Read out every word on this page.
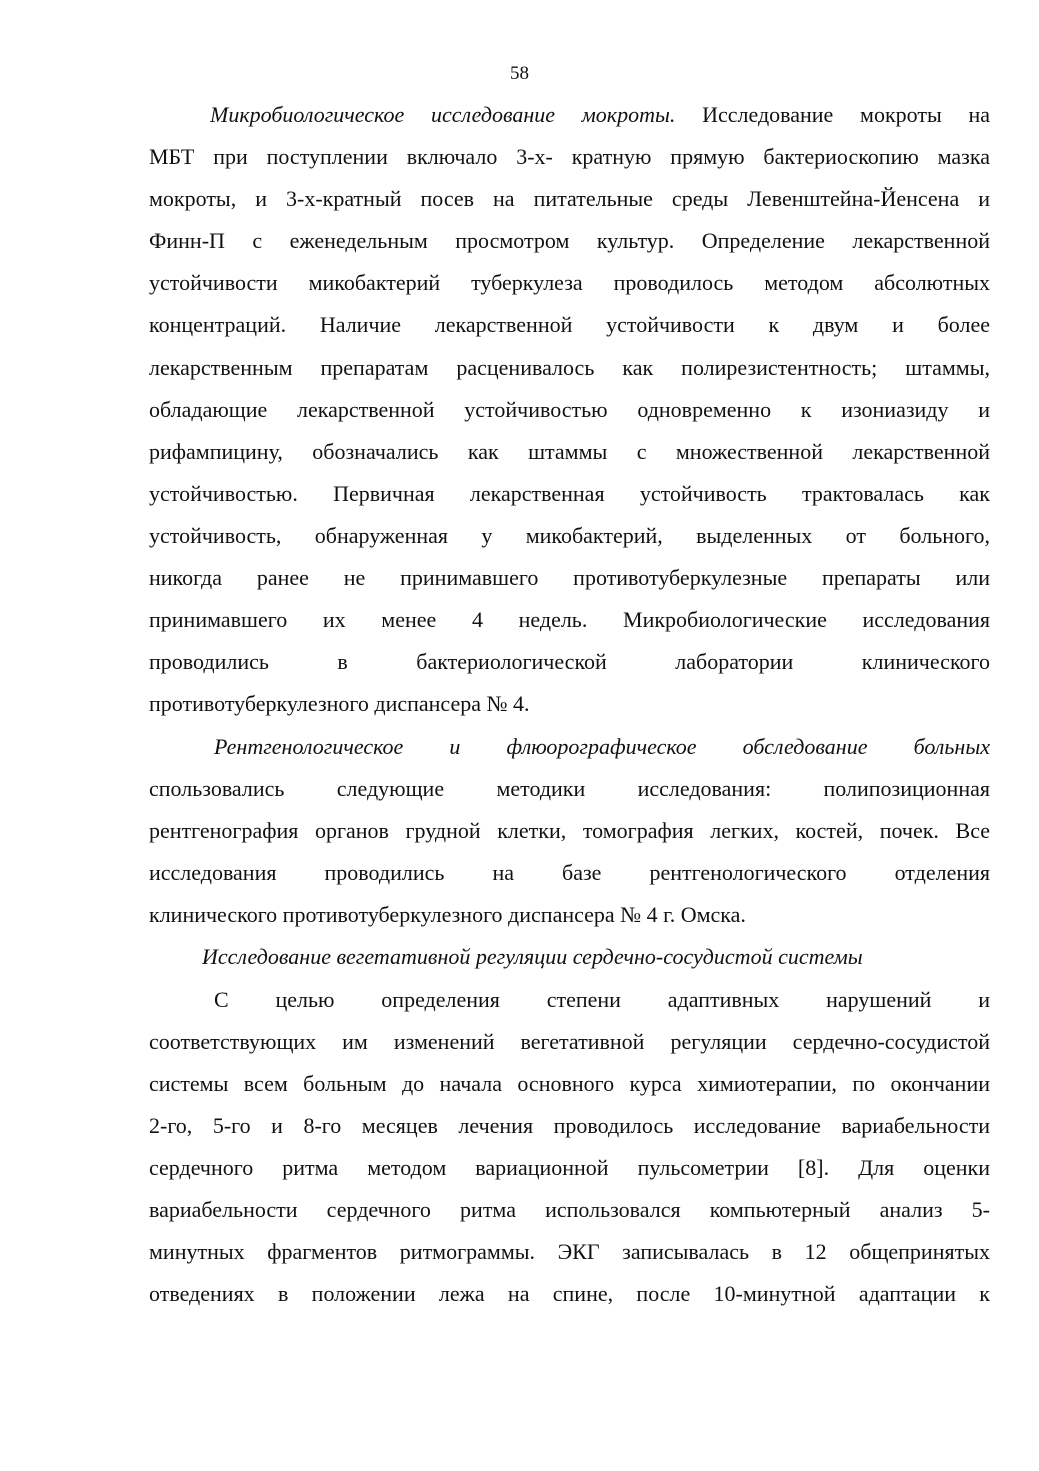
58
Микробиологическое исследование мокроты. Исследование мокроты на
МБТ при поступлении включало 3-х- кратную прямую бактериоскопию мазка
мокроты, и 3-х-кратный посев на питательные среды Левенштейна-Йенсена и
Финн-П с еженедельным просмотром культур. Определение лекарственной
устойчивости микобактерий туберкулеза проводилось методом абсолютных
концентраций. Наличие лекарственной устойчивости к двум и более
лекарственным препаратам расценивалось как полирезистентность; штаммы,
обладающие лекарственной устойчивостью одновременно к изониазиду и
рифампицину, обозначались как штаммы с множественной лекарственной
устойчивостью. Первичная лекарственная устойчивость трактовалась как
устойчивость, обнаруженная у микобактерий, выделенных от больного,
никогда ранее не принимавшего противотуберкулезные препараты или
принимавшего их менее 4 недель. Микробиологические исследования
проводились в бактериологической лаборатории клинического
противотуберкулезного диспансера № 4.
Рентгенологическое и флюорографическое обследование больных
спользовались следующие методики исследования: полипозиционная
рентгенография органов грудной клетки, томография легких, костей, почек. Все
исследования проводились на базе рентгенологического отделения
клинического противотуберкулезного диспансера № 4 г. Омска.
Исследование вегетативной регуляции сердечно-сосудистой системы
С целью определения степени адаптивных нарушений и
соответствующих им изменений вегетативной регуляции сердечно-сосудистой
системы всем больным до начала основного курса химиотерапии, по окончании
2-го, 5-го и 8-го месяцев лечения проводилось исследование вариабельности
сердечного ритма методом вариационной пульсометрии [8]. Для оценки
вариабельности сердечного ритма использовался компьютерный анализ 5-
минутных фрагментов ритмограммы. ЭКГ записывалась в 12 общепринятых
отведениях в положении лежа на спине, после 10-минутной адаптации к
